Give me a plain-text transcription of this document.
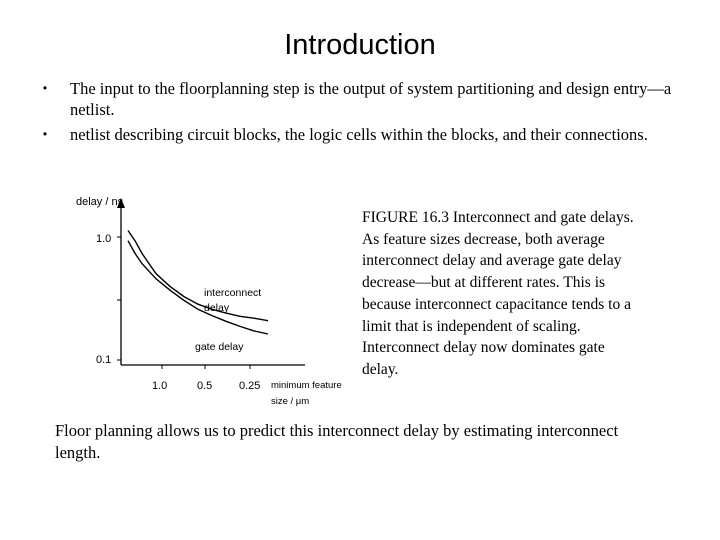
Introduction
• The input to the floorplanning step is the output of system partitioning and design entry—a netlist.
• netlist describing circuit blocks, the logic cells within the blocks, and their connections.
delay / ns
1.0
0.1
1.0	0.5 0.25 minimum feature
size / μm
interconnect
delay
gate delay
FIGURE 16.3 Interconnect and gate delays. As feature sizes decrease, both average interconnect delay and average gate delay decrease—but at different rates. This is because interconnect capacitance tends to a limit that is independent of scaling. Interconnect delay now dominates gate delay.
Floor planning allows us to predict this interconnect delay by estimating interconnect length.
